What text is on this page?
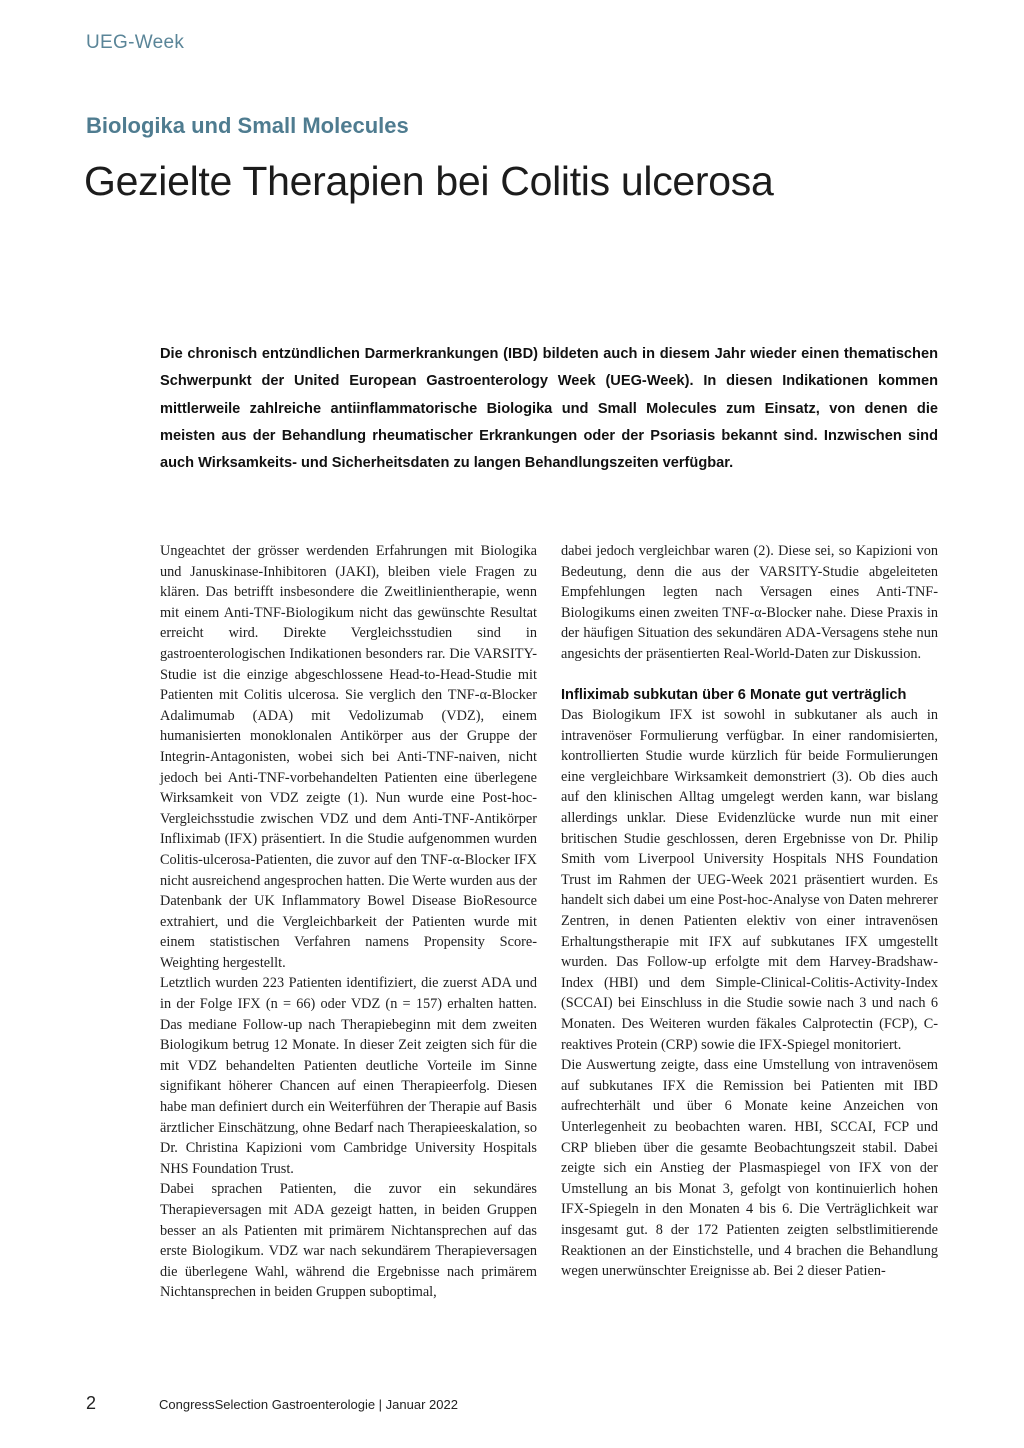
UEG-Week
Biologika und Small Molecules
Gezielte Therapien bei Colitis ulcerosa

Die chronisch entzündlichen Darmerkrankungen (IBD) bildeten auch in diesem Jahr wieder einen thematischen Schwerpunkt der United European Gastroenterology Week (UEG-Week). In diesen Indikationen kommen mittlerweile zahlreiche antiinflammatorische Biologika und Small Molecules zum Einsatz, von denen die meisten aus der Behandlung rheumatischer Erkrankungen oder der Psoriasis bekannt sind. Inzwischen sind auch Wirksamkeits- und Sicherheitsdaten zu langen Behandlungszeiten verfügbar.

Ungeachtet der grösser werdenden Erfahrungen mit Biologika und Januskinase-Inhibitoren (JAKI), bleiben viele Fragen zu klären. Das betrifft insbesondere die Zweitlinientherapie, wenn mit einem Anti-TNF-Biologikum nicht das gewünschte Resultat erreicht wird. Direkte Vergleichsstudien sind in gastroenterologischen Indikationen besonders rar. Die VARSITY-Studie ist die einzige abgeschlossene Head-to-Head-Studie mit Patienten mit Colitis ulcerosa. Sie verglich den TNF-α-Blocker Adalimumab (ADA) mit Vedolizumab (VDZ), einem humanisierten monoklonalen Antikörper aus der Gruppe der Integrin-Antagonisten, wobei sich bei Anti-TNF-naiven, nicht jedoch bei Anti-TNF-vorbehandelten Patienten eine überlegene Wirksamkeit von VDZ zeigte (1). Nun wurde eine Post-hoc-Vergleichsstudie zwischen VDZ und dem Anti-TNF-Antikörper Infliximab (IFX) präsentiert. In die Studie aufgenommen wurden Colitis-ulcerosa-Patienten, die zuvor auf den TNF-α-Blocker IFX nicht ausreichend angesprochen hatten. Die Werte wurden aus der Datenbank der UK Inflammatory Bowel Disease BioResource extrahiert, und die Vergleichbarkeit der Patienten wurde mit einem statistischen Verfahren namens Propensity Score-Weighting hergestellt.

Letztlich wurden 223 Patienten identifiziert, die zuerst ADA und in der Folge IFX (n = 66) oder VDZ (n = 157) erhalten hatten. Das mediane Follow-up nach Therapiebeginn mit dem zweiten Biologikum betrug 12 Monate. In dieser Zeit zeigten sich für die mit VDZ behandelten Patienten deutliche Vorteile im Sinne signifikant höherer Chancen auf einen Therapieerfolg. Diesen habe man definiert durch ein Weiterführen der Therapie auf Basis ärztlicher Einschätzung, ohne Bedarf nach Therapieeskalation, so Dr. Christina Kapizioni vom Cambridge University Hospitals NHS Foundation Trust.

Dabei sprachen Patienten, die zuvor ein sekundäres Therapieversagen mit ADA gezeigt hatten, in beiden Gruppen besser an als Patienten mit primärem Nichtansprechen auf das erste Biologikum. VDZ war nach sekundärem Therapieversagen die überlegene Wahl, während die Ergebnisse nach primärem Nichtansprechen in beiden Gruppen suboptimal,

dabei jedoch vergleichbar waren (2). Diese sei, so Kapizioni von Bedeutung, denn die aus der VARSITY-Studie abgeleiteten Empfehlungen legten nach Versagen eines Anti-TNF-Biologikums einen zweiten TNF-α-Blocker nahe. Diese Praxis in der häufigen Situation des sekundären ADA-Versagens stehe nun angesichts der präsentierten Real-World-Daten zur Diskussion.

Infliximab subkutan über 6 Monate gut verträglich

Das Biologikum IFX ist sowohl in subkutaner als auch in intravenöser Formulierung verfügbar. In einer randomisierten, kontrollierten Studie wurde kürzlich für beide Formulierungen eine vergleichbare Wirksamkeit demonstriert (3). Ob dies auch auf den klinischen Alltag umgelegt werden kann, war bislang allerdings unklar. Diese Evidenzlücke wurde nun mit einer britischen Studie geschlossen, deren Ergebnisse von Dr. Philip Smith vom Liverpool University Hospitals NHS Foundation Trust im Rahmen der UEG-Week 2021 präsentiert wurden. Es handelt sich dabei um eine Post-hoc-Analyse von Daten mehrerer Zentren, in denen Patienten elektiv von einer intravenösen Erhaltungstherapie mit IFX auf subkutanes IFX umgestellt wurden. Das Follow-up erfolgte mit dem Harvey-Bradshaw-Index (HBI) und dem Simple-Clinical-Colitis-Activity-Index (SCCAI) bei Einschluss in die Studie sowie nach 3 und nach 6 Monaten. Des Weiteren wurden fäkales Calprotectin (FCP), C-reaktives Protein (CRP) sowie die IFX-Spiegel monitoriert.

Die Auswertung zeigte, dass eine Umstellung von intravenösem auf subkutanes IFX die Remission bei Patienten mit IBD aufrechterhält und über 6 Monate keine Anzeichen von Unterlegenheit zu beobachten waren. HBI, SCCAI, FCP und CRP blieben über die gesamte Beobachtungszeit stabil. Dabei zeigte sich ein Anstieg der Plasmaspiegel von IFX von der Umstellung an bis Monat 3, gefolgt von kontinuierlich hohen IFX-Spiegeln in den Monaten 4 bis 6. Die Verträglichkeit war insgesamt gut. 8 der 172 Patienten zeigten selbstlimitierende Reaktionen an der Einstichstelle, und 4 brachen die Behandlung wegen unerwünschter Ereignisse ab. Bei 2 dieser Patien-

2	CongressSelection Gastroenterologie | Januar 2022
